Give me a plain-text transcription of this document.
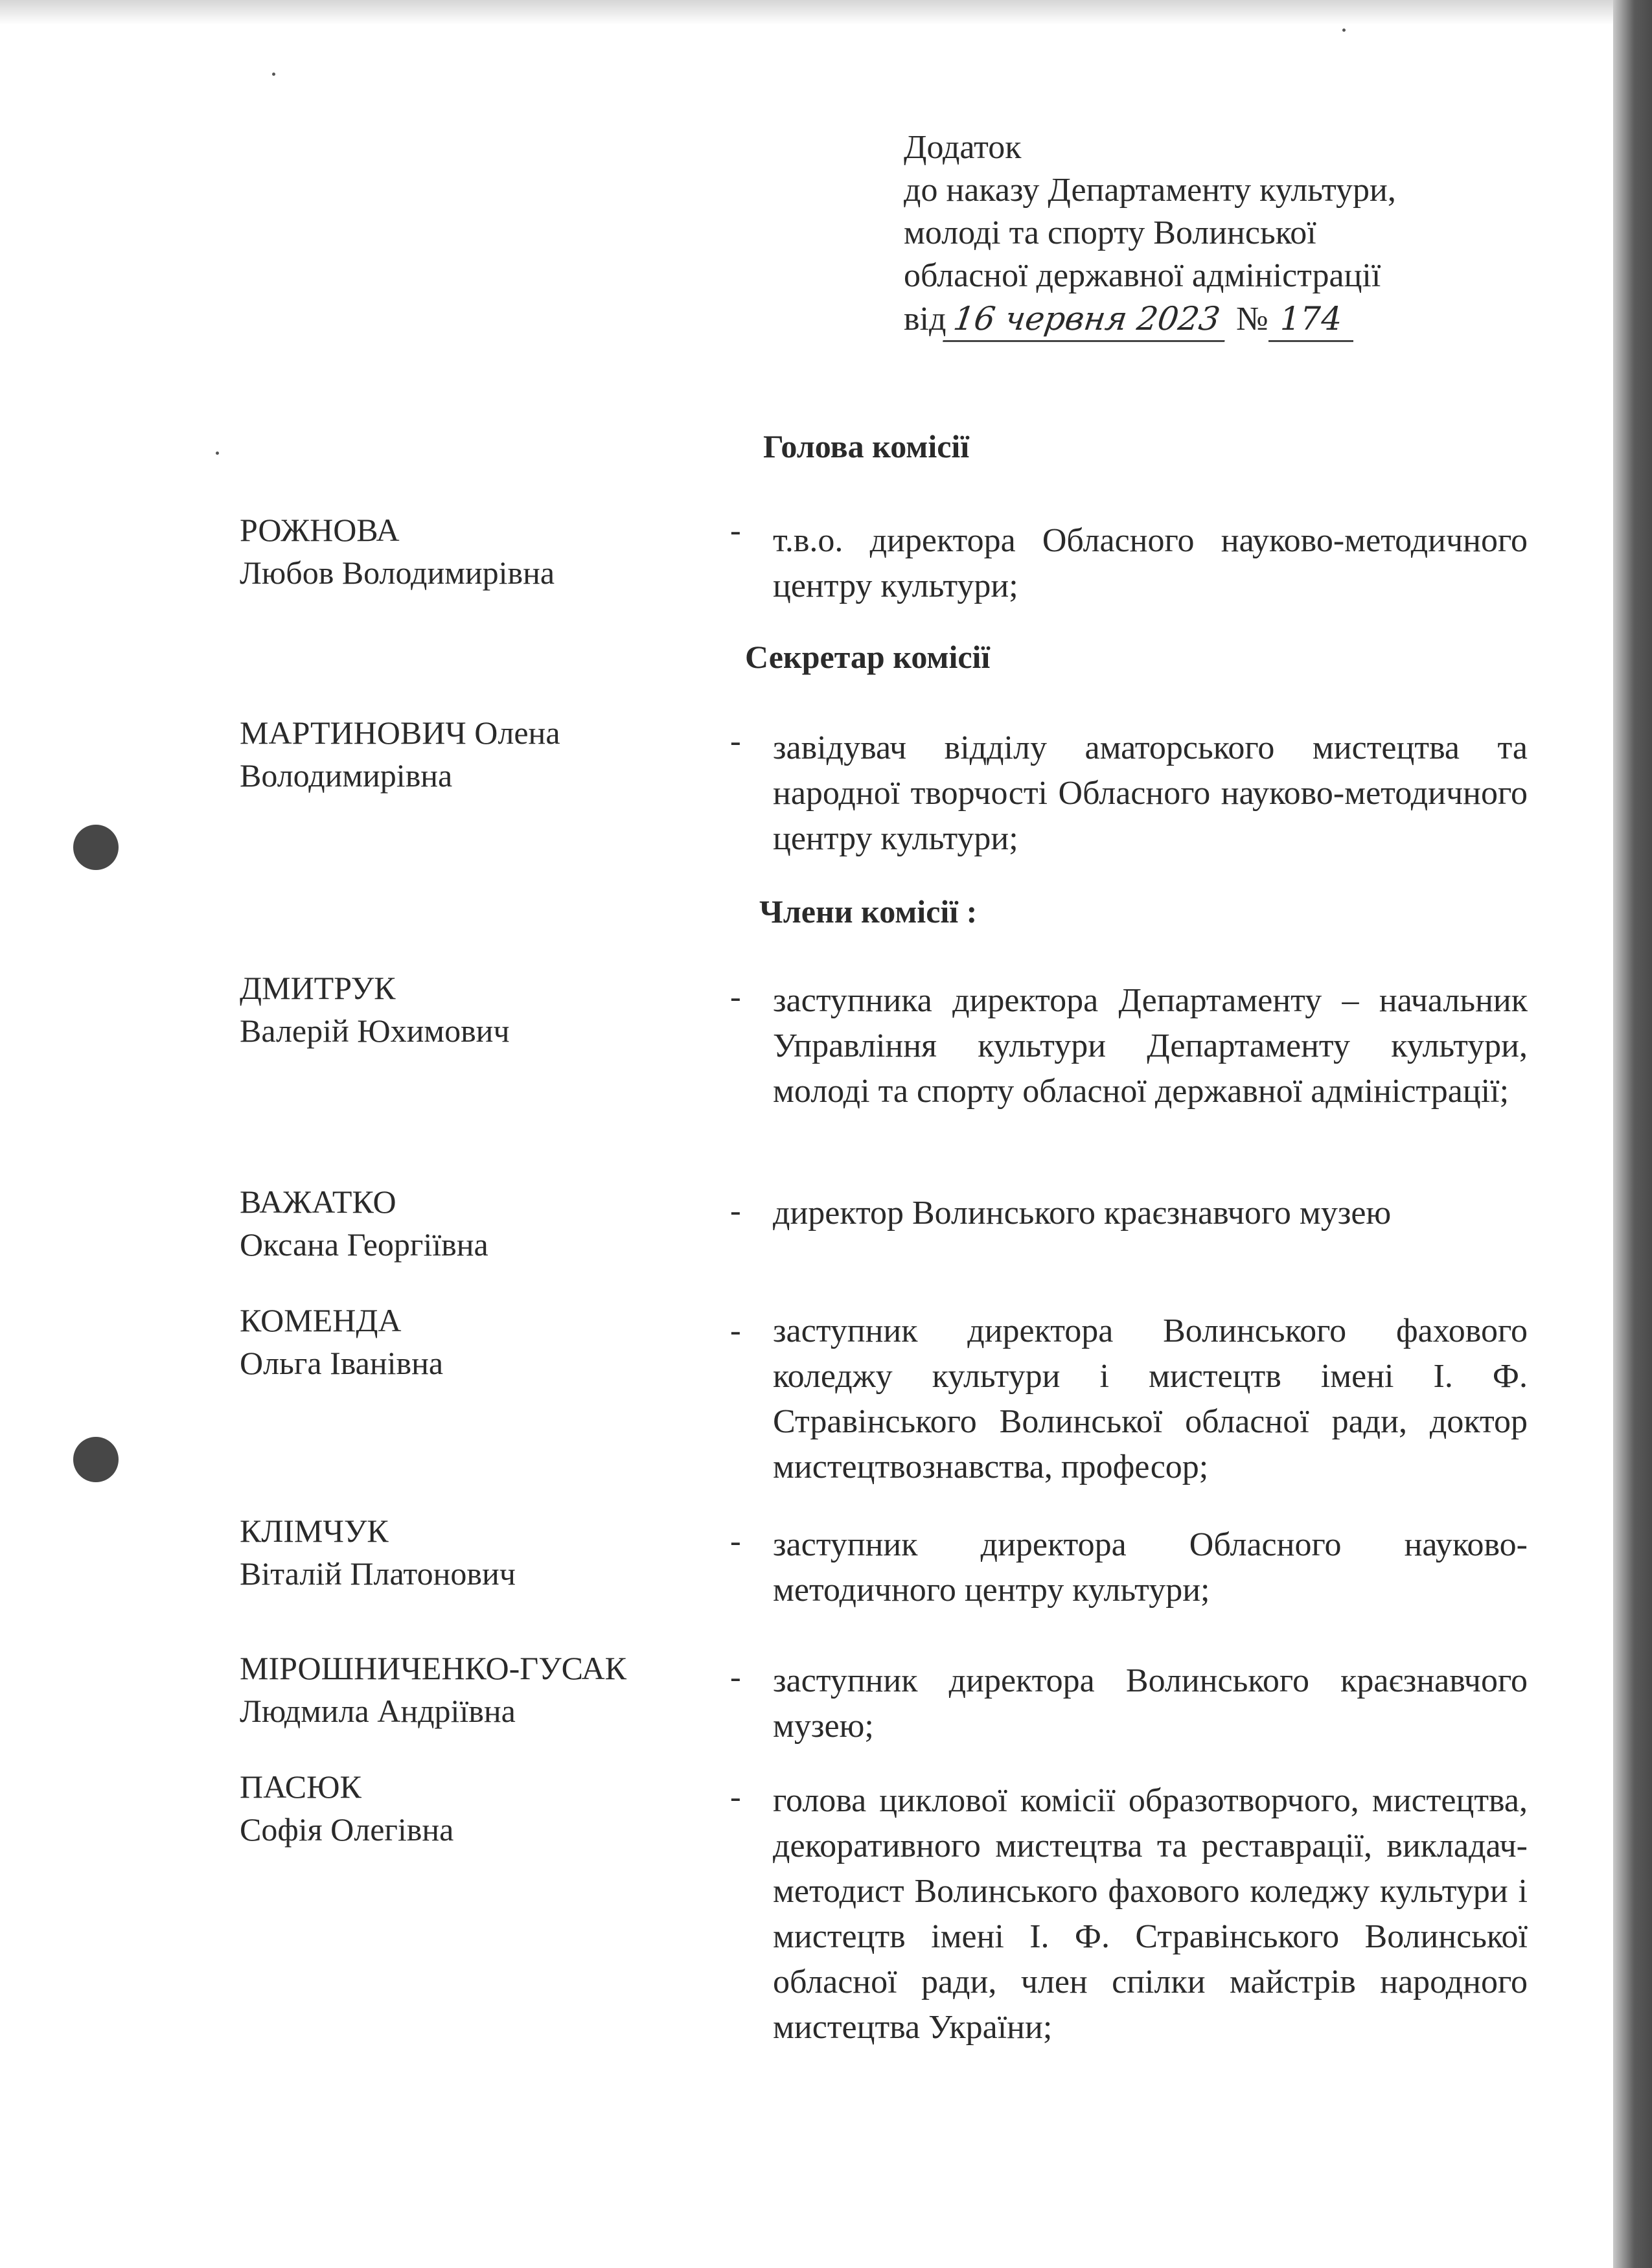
Додаток
до наказу Департаменту культури,
молоді та спорту Волинської
обласної державної адміністрації
від 16 червня 2023 № 174
Голова комісії
РОЖНОВА
Любов Володимирівна
- т.в.о. директора Обласного науково-методичного центру культури;
Секретар комісії
МАРТИНОВИЧ Олена
Володимирівна
- завідувач відділу аматорського мистецтва та народної творчості Обласного науково-методичного центру культури;
Члени комісії :
ДМИТРУК
Валерій Юхимович
- заступника директора Департаменту – начальник Управління культури Департаменту культури, молоді та спорту обласної державної адміністрації;
ВАЖАТКО
Оксана Георгіївна
- директор Волинського краєзнавчого музею
КОМЕНДА
Ольга Іванівна
- заступник директора Волинського фахового коледжу культури і мистецтв імені І. Ф. Стравінського Волинської обласної ради, доктор мистецтвознавства, професор;
КЛІМЧУК
Віталій Платонович
- заступник директора Обласного науково-методичного центру культури;
МІРОШНИЧЕНКО-ГУСАК
Людмила Андріївна
- заступник директора Волинського краєзнавчого музею;
ПАСЮК
Софія Олегівна
- голова циклової комісії образотворчого, мистецтва, декоративного мистецтва та реставрації, викладач-методист Волинського фахового коледжу культури і мистецтв імені І. Ф. Стравінського Волинської обласної ради, член спілки майстрів народного мистецтва України;
